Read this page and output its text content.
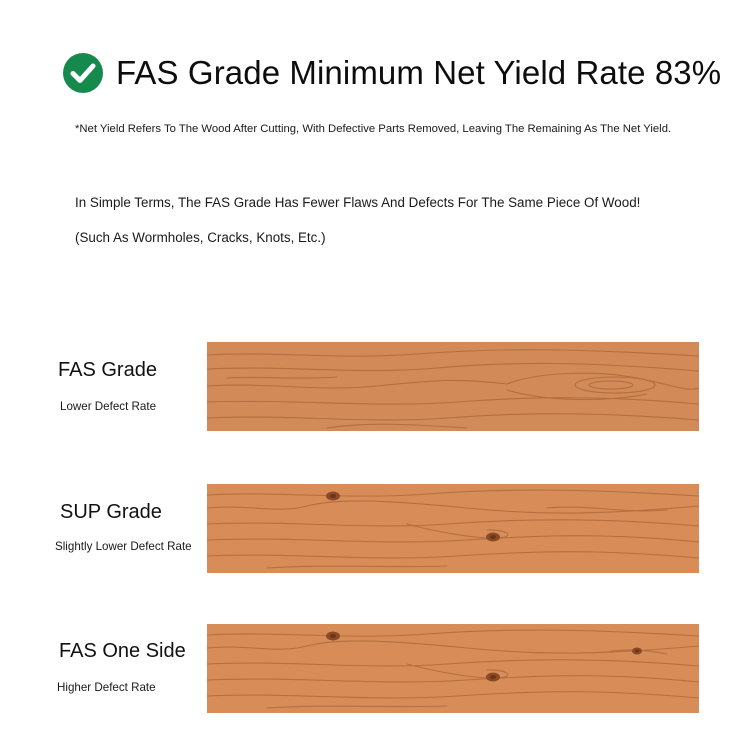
FAS Grade Minimum Net Yield Rate 83%
*Net Yield Refers To The Wood After Cutting, With Defective Parts Removed, Leaving The Remaining As The Net Yield.
In Simple Terms, The FAS Grade Has Fewer Flaws And Defects For The Same Piece Of Wood!
(Such As Wormholes, Cracks, Knots, Etc.)
FAS Grade
Lower Defect Rate
SUP Grade
Slightly Lower Defect Rate
FAS One Side
Higher Defect Rate
